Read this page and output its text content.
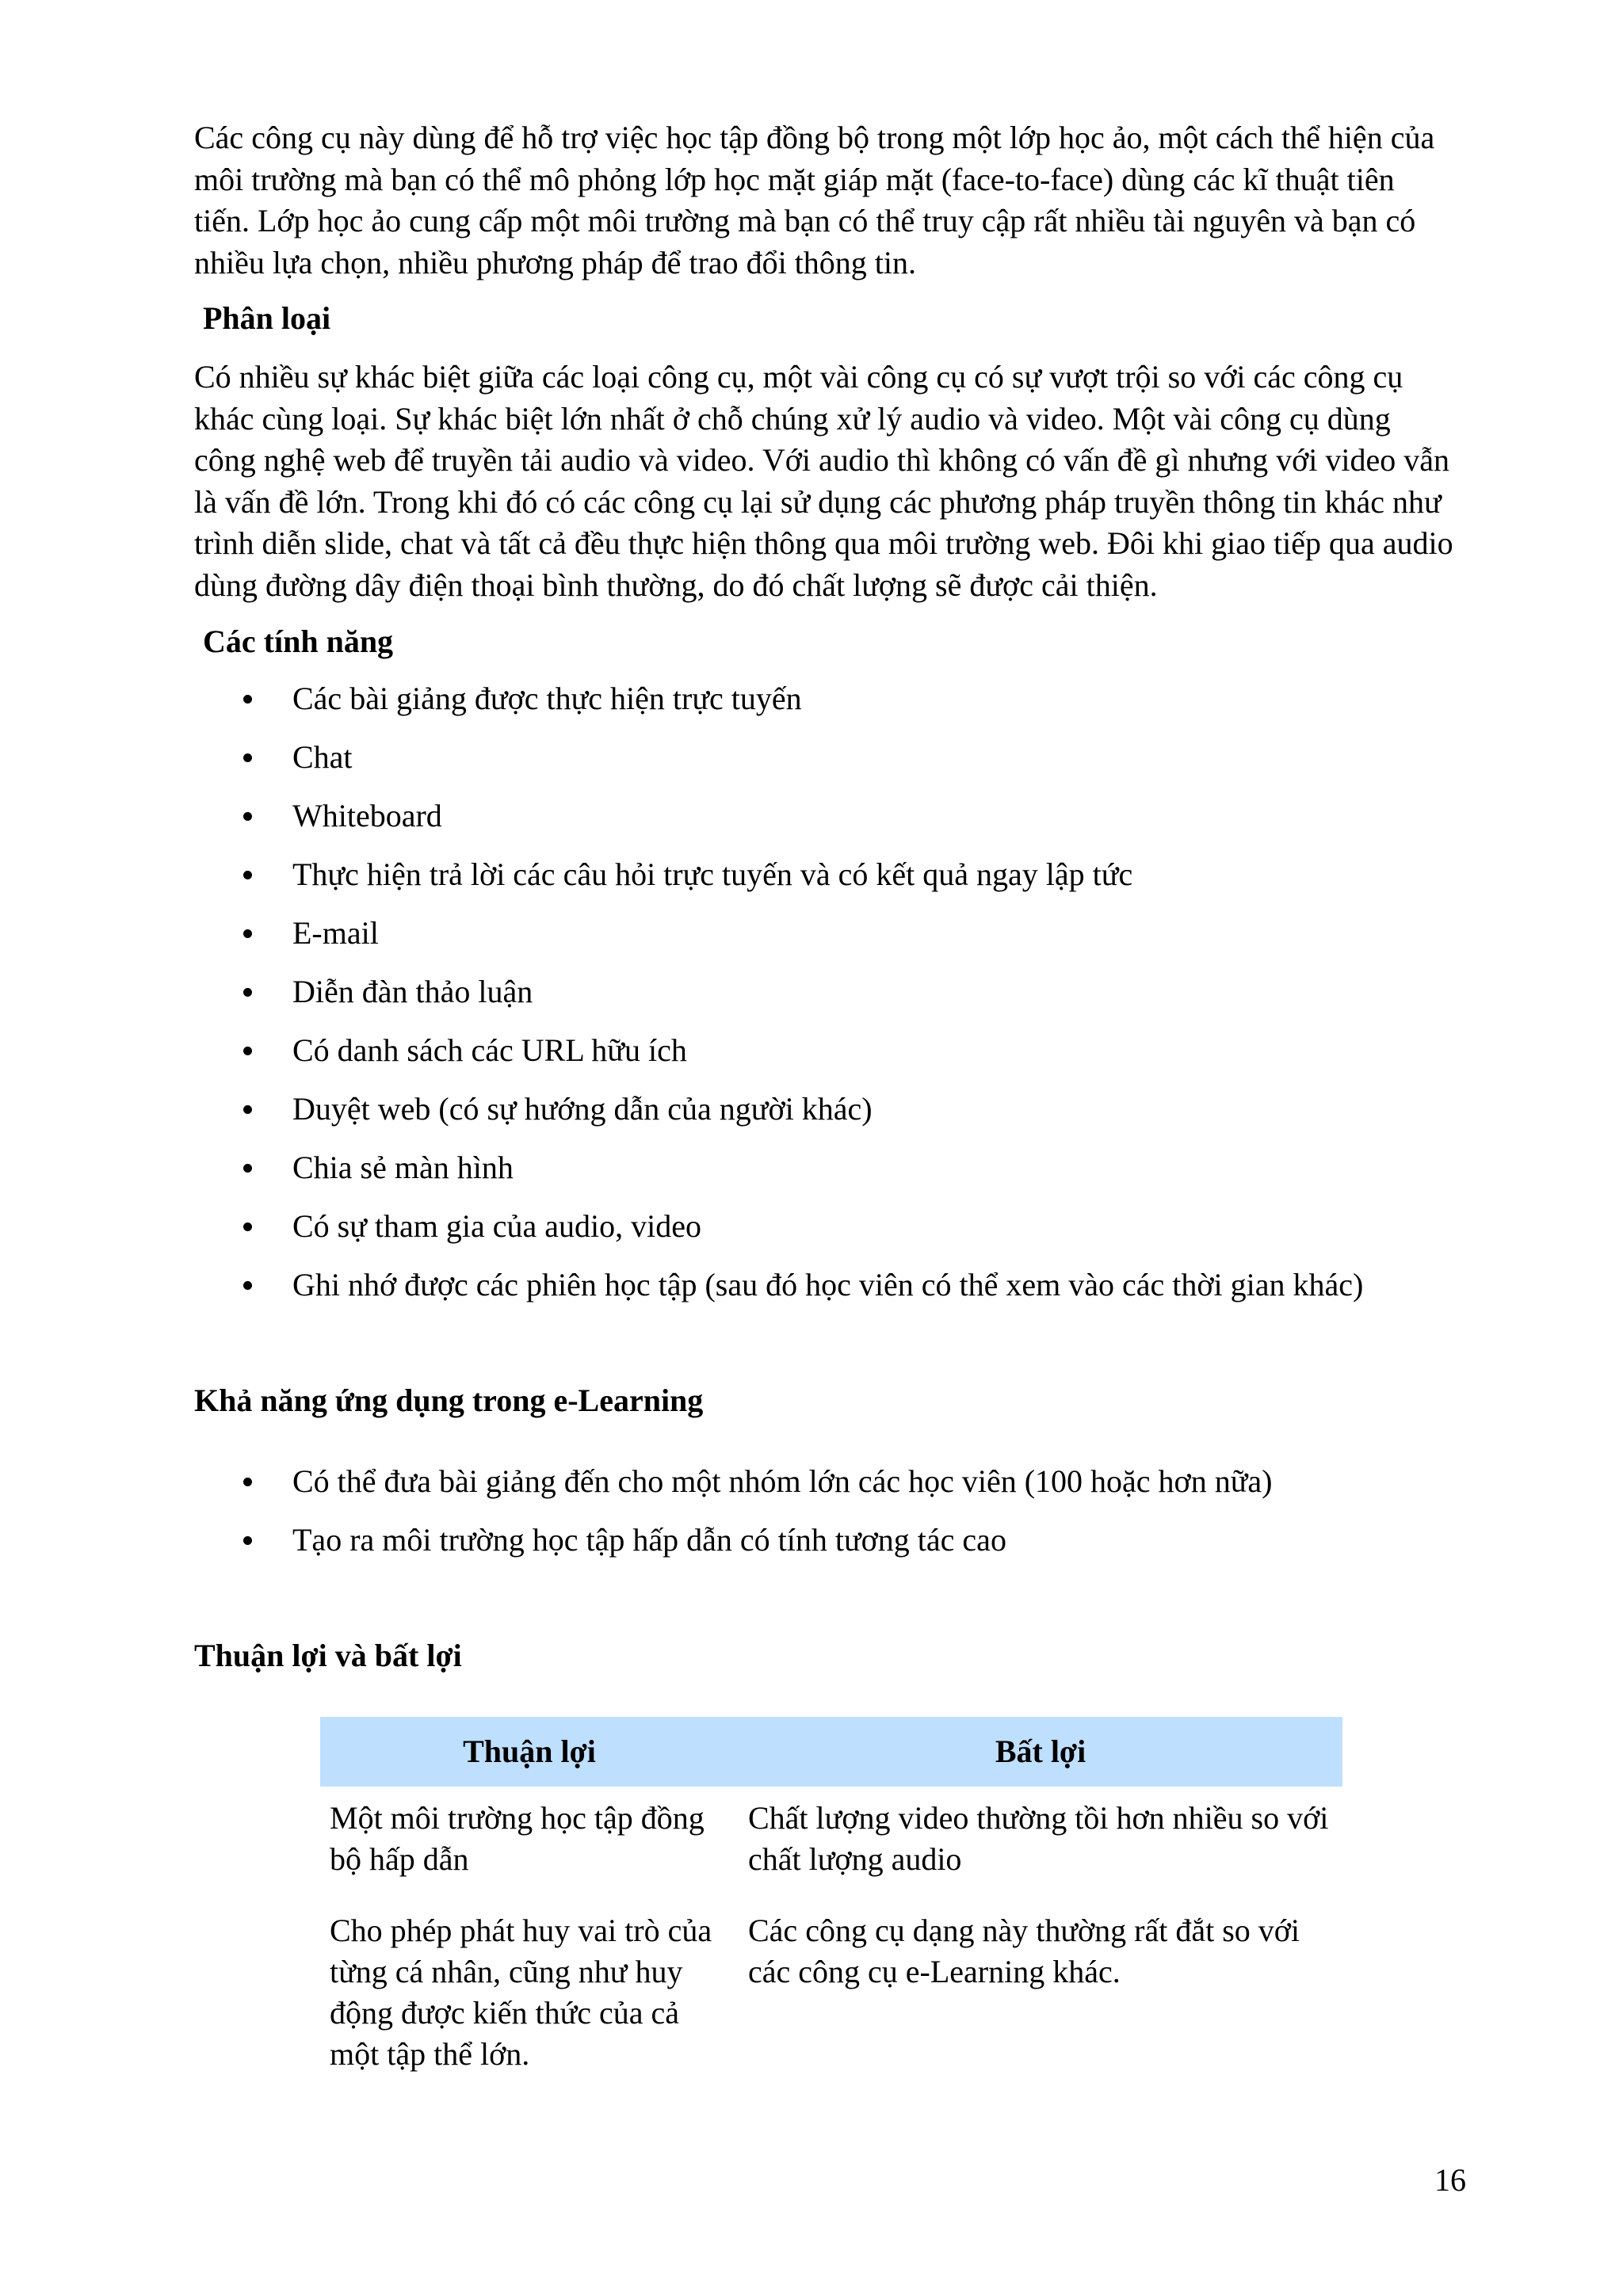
Các công cụ này dùng để hỗ trợ việc học tập đồng bộ trong một lớp học ảo, một cách thể hiện của môi trường mà bạn có thể mô phỏng lớp học mặt giáp mặt (face-to-face) dùng các kĩ thuật tiên tiến. Lớp học ảo cung cấp một môi trường mà bạn có thể truy cập rất nhiều tài nguyên và bạn có nhiều lựa chọn, nhiều phương pháp để trao đổi thông tin.

Phân loại

Có nhiều sự khác biệt giữa các loại công cụ, một vài công cụ có sự vượt trội so với các công cụ khác cùng loại. Sự khác biệt lớn nhất ở chỗ chúng xử lý audio và video. Một vài công cụ dùng công nghệ web để truyền tải audio và video. Với audio thì không có vấn đề gì nhưng với video vẫn là vấn đề lớn. Trong khi đó có các công cụ lại sử dụng các phương pháp truyền thông tin khác như trình diễn slide, chat và tất cả đều thực hiện thông qua môi trường web. Đôi khi giao tiếp qua audio dùng đường dây điện thoại bình thường, do đó chất lượng sẽ được cải thiện.

Các tính năng
Các bài giảng được thực hiện trực tuyến
Chat
Whiteboard
Thực hiện trả lời các câu hỏi trực tuyến và có kết quả ngay lập tức
E-mail
Diễn đàn thảo luận
Có danh sách các URL hữu ích
Duyệt web (có sự hướng dẫn của người khác)
Chia sẻ màn hình
Có sự tham gia của audio, video
Ghi nhớ được các phiên học tập (sau đó học viên có thể xem vào các thời gian khác)
Khả năng ứng dụng trong e-Learning
Có thể đưa bài giảng đến cho một nhóm lớn các học viên (100 hoặc hơn nữa)
Tạo ra môi trường học tập hấp dẫn có tính tương tác cao
Thuận lợi và bất lợi
Thuận lợi	Bất lợi
Một môi trường học tập đồng bộ hấp dẫn	Chất lượng video thường tồi hơn nhiều so với chất lượng audio
Cho phép phát huy vai trò của từng cá nhân, cũng như huy động được kiến thức của cả một tập thể lớn.	Các công cụ dạng này thường rất đắt so với các công cụ e-Learning khác.
16
